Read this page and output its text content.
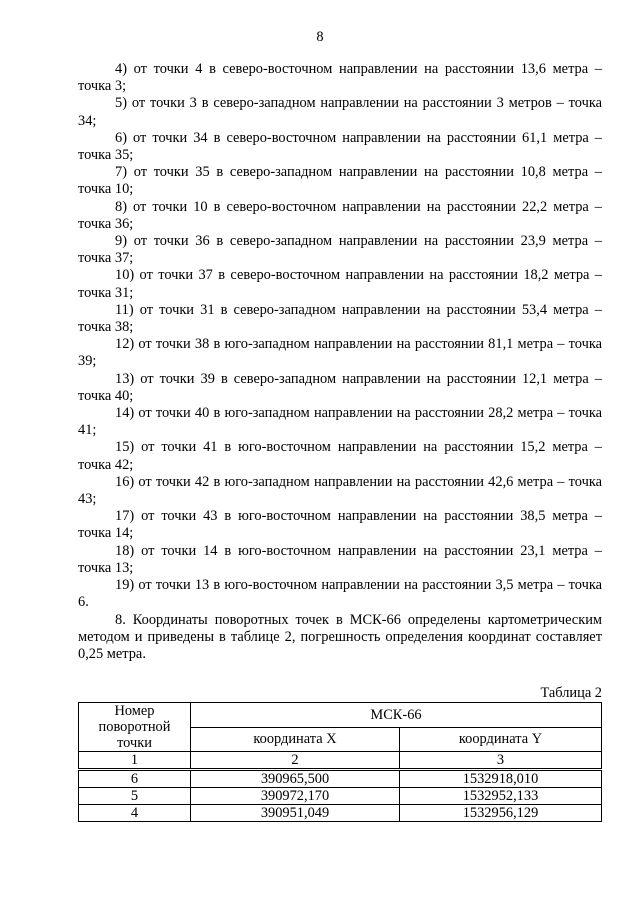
8

4) от точки 4 в северо-восточном направлении на расстоянии 13,6 метра – точка 3;

5) от точки 3 в северо-западном направлении на расстоянии 3 метров – точка 34;

6) от точки 34 в северо-восточном направлении на расстоянии 61,1 метра – точка 35;

7) от точки 35 в северо-западном направлении на расстоянии 10,8 метра – точка 10;

8) от точки 10 в северо-восточном направлении на расстоянии 22,2 метра – точка 36;

9) от точки 36 в северо-западном направлении на расстоянии 23,9 метра – точка 37;

10) от точки 37 в северо-восточном направлении на расстоянии 18,2 метра – точка 31;

11) от точки 31 в северо-западном направлении на расстоянии 53,4 метра – точка 38;

12) от точки 38 в юго-западном направлении на расстоянии 81,1 метра – точка 39;

13) от точки 39 в северо-западном направлении на расстоянии 12,1 метра – точка 40;

14) от точки 40 в юго-западном направлении на расстоянии 28,2 метра – точка 41;

15) от точки 41 в юго-восточном направлении на расстоянии 15,2 метра – точка 42;

16) от точки 42 в юго-западном направлении на расстоянии 42,6 метра – точка 43;

17) от точки 43 в юго-восточном направлении на расстоянии 38,5 метра – точка 14;

18) от точки 14 в юго-восточном направлении на расстоянии 23,1 метра – точка 13;

19) от точки 13 в юго-восточном направлении на расстоянии 3,5 метра – точка 6.

8. Координаты поворотных точек в МСК-66 определены картометрическим методом и приведены в таблице 2, погрешность определения координат составляет 0,25 метра.

Таблица 2
Номер поворотной точки	МСК-66	
	координата X	координата Y
1	2	3
6	390965,500	1532918,010
5	390972,170	1532952,133
4	390951,049	1532956,129
